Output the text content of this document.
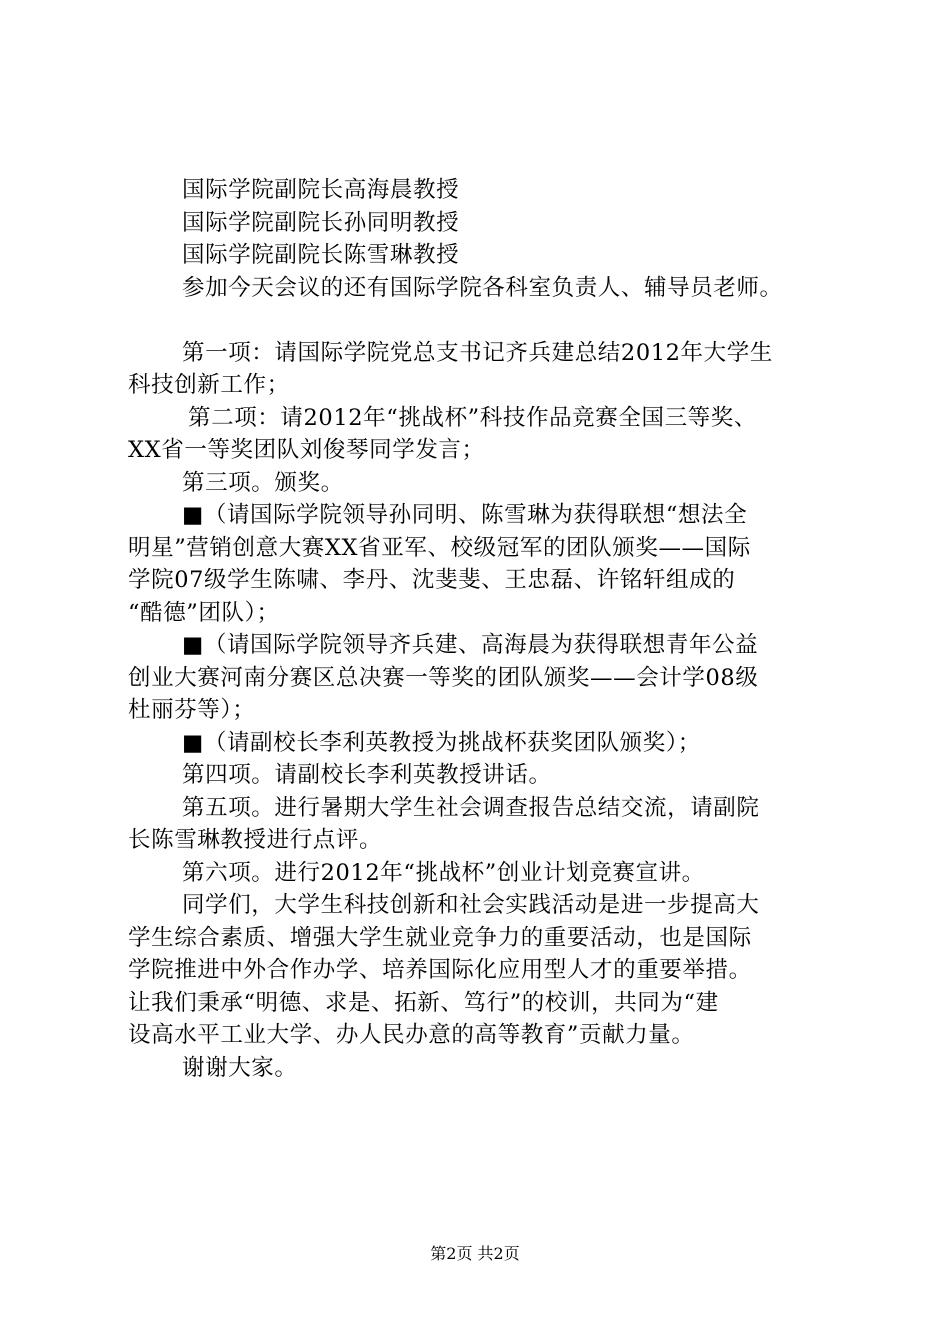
国际学院副院长高海晨教授
国际学院副院长孙同明教授
国际学院副院长陈雪琳教授
参加今天会议的还有国际学院各科室负责人、辅导员老师。
第一项：请国际学院党总支书记齐兵建总结2012年大学生
科技创新工作；
第二项：请2012年“挑战杯”科技作品竞赛全国三等奖、
XX省一等奖团队刘俊琴同学发言；
第三项。颁奖。
■（请国际学院领导孙同明、陈雪琳为获得联想“想法全
明星”营销创意大赛XX省亚军、校级冠军的团队颁奖——国际
学院07级学生陈啸、李丹、沈斐斐、王忠磊、许铭轩组成的
“酷德”团队）；
■（请国际学院领导齐兵建、高海晨为获得联想青年公益
创业大赛河南分赛区总决赛一等奖的团队颁奖——会计学08级
杜丽芬等）；
■（请副校长李利英教授为挑战杯获奖团队颁奖）；
第四项。请副校长李利英教授讲话。
第五项。进行暑期大学生社会调查报告总结交流，请副院
长陈雪琳教授进行点评。
第六项。进行2012年“挑战杯”创业计划竞赛宣讲。
同学们，大学生科技创新和社会实践活动是进一步提高大
学生综合素质、增强大学生就业竞争力的重要活动，也是国际
学院推进中外合作办学、培养国际化应用型人才的重要举措。
让我们秉承“明德、求是、拓新、笃行”的校训，共同为“建
设高水平工业大学、办人民办意的高等教育”贡献力量。
谢谢大家。
第2页 共2页
